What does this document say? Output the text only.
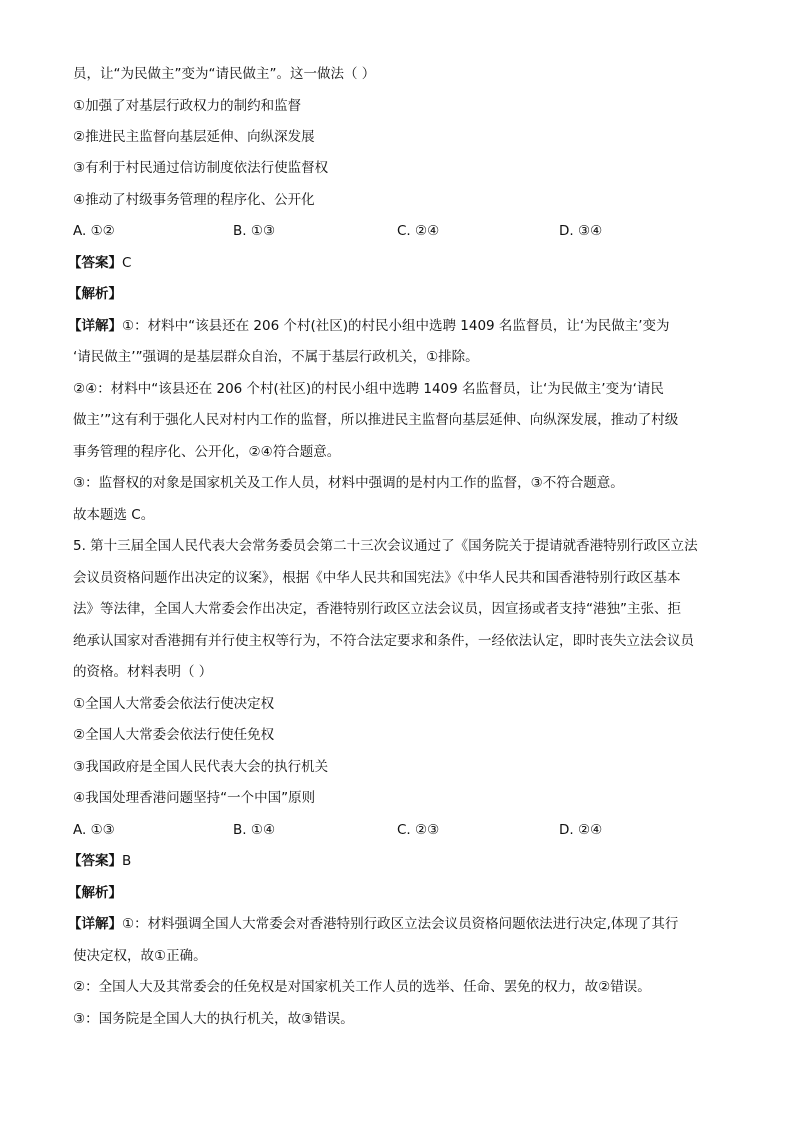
员，让“为民做主”变为“请民做主”。这一做法（ ）
①加强了对基层行政权力的制约和监督
②推进民主监督向基层延伸、向纵深发展
③有利于村民通过信访制度依法行使监督权
④推动了村级事务管理的程序化、公开化
A. ①②	B. ①③	C. ②④	D. ③④
【答案】C
【解析】
【详解】①：材料中“该县还在 206 个村(社区)的村民小组中选聘 1409 名监督员，让‘为民做主’变为
‘请民做主’”强调的是基层群众自治，不属于基层行政机关，①排除。
②④：材料中“该县还在 206 个村(社区)的村民小组中选聘 1409 名监督员，让‘为民做主’变为‘请民
做主’”这有利于强化人民对村内工作的监督，所以推进民主监督向基层延伸、向纵深发展，推动了村级
事务管理的程序化、公开化，②④符合题意。
③：监督权的对象是国家机关及工作人员，材料中强调的是村内工作的监督，③不符合题意。
故本题选 C。
5. 第十三届全国人民代表大会常务委员会第二十三次会议通过了《国务院关于提请就香港特别行政区立法
会议员资格问题作出决定的议案》，根据《中华人民共和国宪法》《中华人民共和国香港特别行政区基本
法》等法律，全国人大常委会作出决定，香港特别行政区立法会议员，因宣扬或者支持“港独”主张、拒
绝承认国家对香港拥有并行使主权等行为，不符合法定要求和条件，一经依法认定，即时丧失立法会议员
的资格。材料表明（ ）
①全国人大常委会依法行使决定权
②全国人大常委会依法行使任免权
③我国政府是全国人民代表大会的执行机关
④我国处理香港问题坚持“一个中国”原则
A. ①③	B. ①④	C. ②③	D. ②④
【答案】B
【解析】
【详解】①：材料强调全国人大常委会对香港特别行政区立法会议员资格问题依法进行决定,体现了其行
使决定权，故①正确。
②：全国人大及其常委会的任免权是对国家机关工作人员的选举、任命、罢免的权力，故②错误。
③：国务院是全国人大的执行机关，故③错误。
